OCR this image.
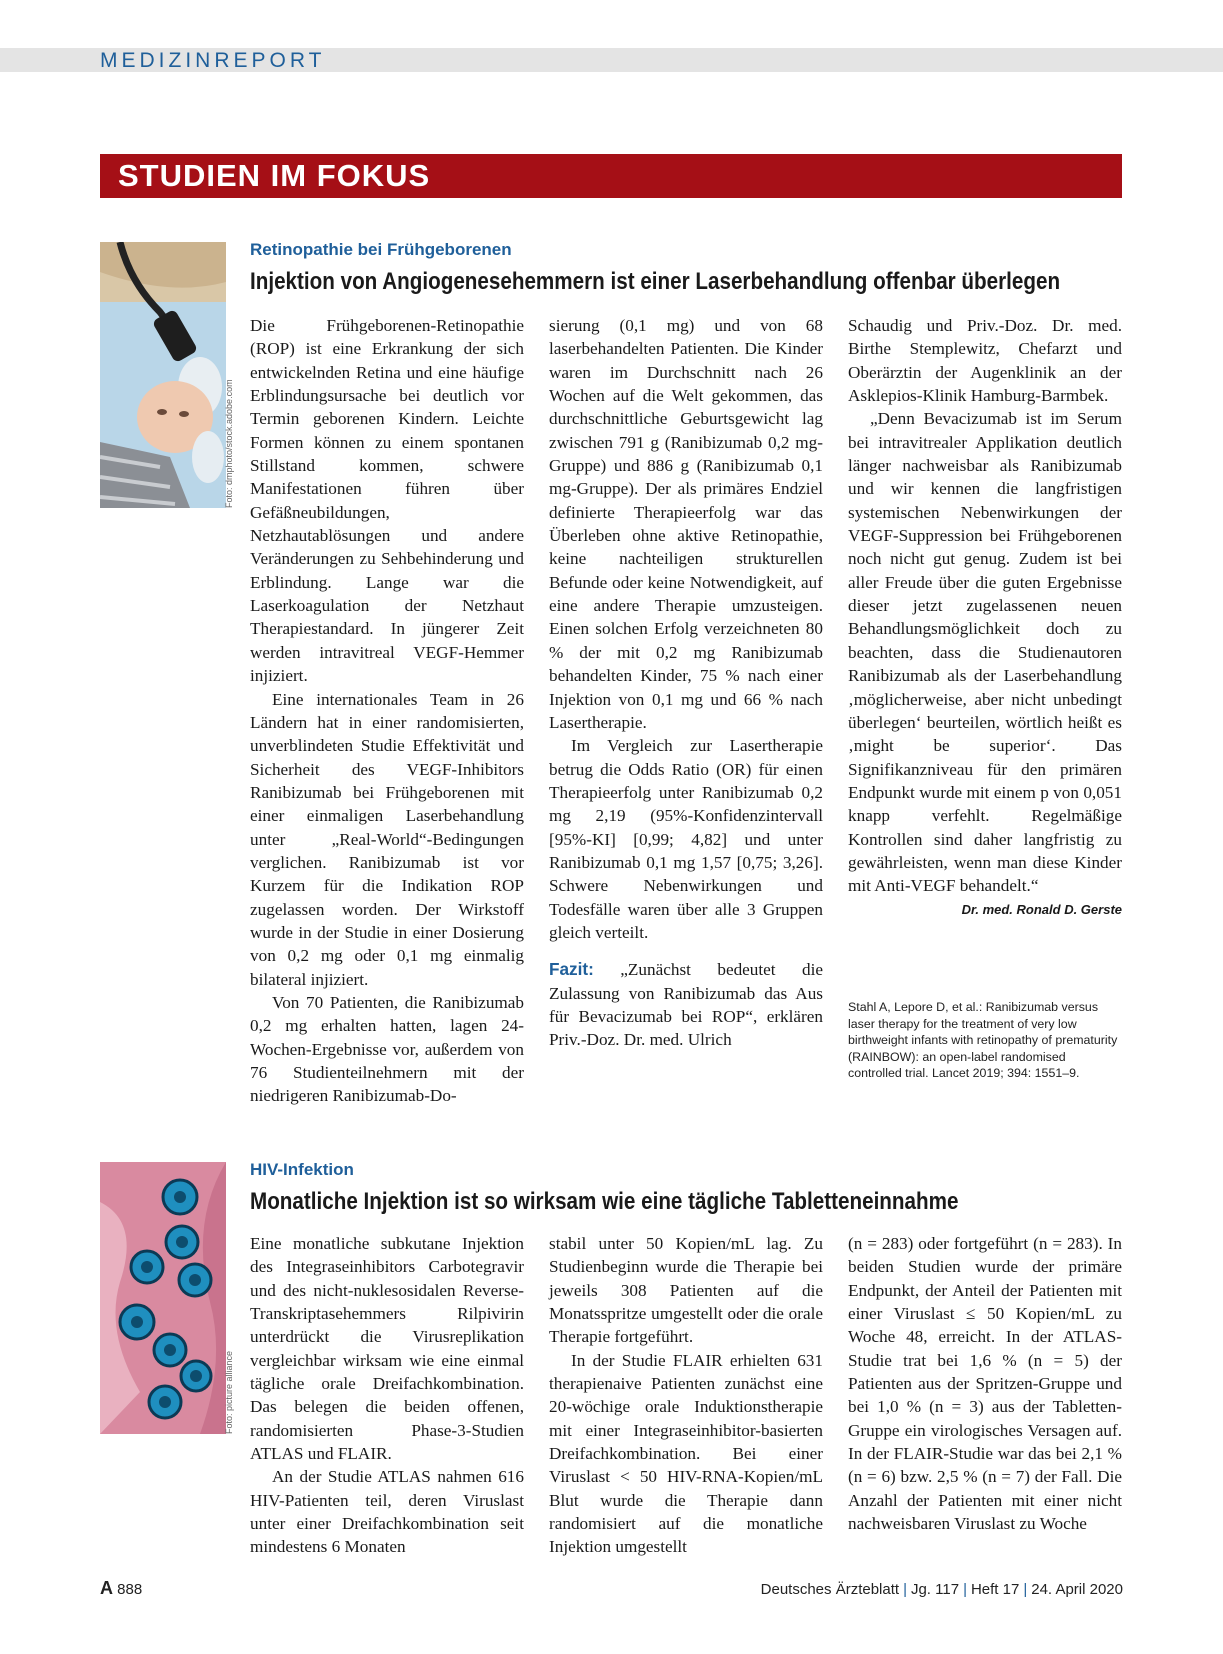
MEDIZINREPORT
STUDIEN IM FOKUS
Foto: dmphoto/stock.adobe.com
Retinopathie bei Frühgeborenen
Injektion von Angiogenesehemmern ist einer Laserbehandlung offenbar überlegen

Die Frühgeborenen-Retinopathie (ROP) ist eine Erkrankung der sich entwickelnden Retina und eine häufige Erblindungsursache bei deutlich vor Termin geborenen Kindern. Leichte Formen können zu einem spontanen Stillstand kommen, schwere Manifestationen führen über Gefäßneubildungen, Netzhautablösungen und andere Veränderungen zu Sehbehinderung und Erblindung. Lange war die Laserkoagulation der Netzhaut Therapiestandard. In jüngerer Zeit werden intravitreal VEGF-Hemmer injiziert.

Eine internationales Team in 26 Ländern hat in einer randomisierten, unverblindeten Studie Effektivität und Sicherheit des VEGF-Inhibitors Ranibizumab bei Frühgeborenen mit einer einmaligen Laserbehandlung unter „Real-World“-Bedingungen verglichen. Ranibizumab ist vor Kurzem für die Indikation ROP zugelassen worden. Der Wirkstoff wurde in der Studie in einer Dosierung von 0,2 mg oder 0,1 mg einmalig bilateral injiziert.

Von 70 Patienten, die Ranibizumab 0,2 mg erhalten hatten, lagen 24-Wochen-Ergebnisse vor, außerdem von 76 Studienteilnehmern mit der niedrigeren Ranibizumab-Do-

sierung (0,1 mg) und von 68 laserbehandelten Patienten. Die Kinder waren im Durchschnitt nach 26 Wochen auf die Welt gekommen, das durchschnittliche Geburtsgewicht lag zwischen 791 g (Ranibizumab 0,2 mg-Gruppe) und 886 g (Ranibizumab 0,1 mg-Gruppe). Der als primäres Endziel definierte Therapieerfolg war das Überleben ohne aktive Retinopathie, keine nachteiligen strukturellen Befunde oder keine Notwendigkeit, auf eine andere Therapie umzusteigen. Einen solchen Erfolg verzeichneten 80 % der mit 0,2 mg Ranibizumab behandelten Kinder, 75 % nach einer Injektion von 0,1 mg und 66 % nach Lasertherapie.

Im Vergleich zur Lasertherapie betrug die Odds Ratio (OR) für einen Therapieerfolg unter Ranibizumab 0,2 mg 2,19 (95%-Konfidenzintervall [95%-KI] [0,99; 4,82] und unter Ranibizumab 0,1 mg 1,57 [0,75; 3,26]. Schwere Nebenwirkungen und Todesfälle waren über alle 3 Gruppen gleich verteilt.

Fazit: „Zunächst bedeutet die Zulassung von Ranibizumab das Aus für Bevacizumab bei ROP“, erklären Priv.-Doz. Dr. med. Ulrich

Schaudig und Priv.-Doz. Dr. med. Birthe Stemplewitz, Chefarzt und Oberärztin der Augenklinik an der Asklepios-Klinik Hamburg-Barmbek.

„Denn Bevacizumab ist im Serum bei intravitrealer Applikation deutlich länger nachweisbar als Ranibizumab und wir kennen die langfristigen systemischen Nebenwirkungen der VEGF-Suppression bei Frühgeborenen noch nicht gut genug. Zudem ist bei aller Freude über die guten Ergebnisse dieser jetzt zugelassenen neuen Behandlungsmöglichkeit doch zu beachten, dass die Studienautoren Ranibizumab als der Laserbehandlung ‚möglicherweise, aber nicht unbedingt überlegen‘ beurteilen, wörtlich heißt es ‚might be superior‘. Das Signifikanzniveau für den primären Endpunkt wurde mit einem p von 0,051 knapp verfehlt. Regelmäßige Kontrollen sind daher langfristig zu gewährleisten, wenn man diese Kinder mit Anti-VEGF behandelt.“
Dr. med. Ronald D. Gerste

Stahl A, Lepore D, et al.: Ranibizumab versus laser therapy for the treatment of very low birthweight infants with retinopathy of prematurity (RAINBOW): an open-label randomised controlled trial. Lancet 2019; 394: 1551–9.
Foto: picture alliance
HIV-Infektion
Monatliche Injektion ist so wirksam wie eine tägliche Tabletteneinnahme

Eine monatliche subkutane Injektion des Integraseinhibitors Carbotegravir und des nicht-nuklesosidalen Reverse-Transkriptasehemmers Rilpivirin unterdrückt die Virusreplikation vergleichbar wirksam wie eine einmal tägliche orale Dreifachkombination. Das belegen die beiden offenen, randomisierten Phase-3-Studien ATLAS und FLAIR.

An der Studie ATLAS nahmen 616 HIV-Patienten teil, deren Viruslast unter einer Dreifachkombination seit mindestens 6 Monaten

stabil unter 50 Kopien/mL lag. Zu Studienbeginn wurde die Therapie bei jeweils 308 Patienten auf die Monatsspritze umgestellt oder die orale Therapie fortgeführt.

In der Studie FLAIR erhielten 631 therapienaive Patienten zunächst eine 20-wöchige orale Induktionstherapie mit einer Integraseinhibitor-basierten Dreifachkombination. Bei einer Viruslast < 50 HIV-RNA-Kopien/mL Blut wurde die Therapie dann randomisiert auf die monatliche Injektion umgestellt

(n = 283) oder fortgeführt (n = 283). In beiden Studien wurde der primäre Endpunkt, der Anteil der Patienten mit einer Viruslast ≤ 50 Kopien/mL zu Woche 48, erreicht. In der ATLAS-Studie trat bei 1,6 % (n = 5) der Patienten aus der Spritzen-Gruppe und bei 1,0 % (n = 3) aus der Tabletten-Gruppe ein virologisches Versagen auf. In der FLAIR-Studie war das bei 2,1 % (n = 6) bzw. 2,5 % (n = 7) der Fall. Die Anzahl der Patienten mit einer nicht nachweisbaren Viruslast zu Woche

A 888	Deutsches Ärzteblatt | Jg. 117 | Heft 17 | 24. April 2020
